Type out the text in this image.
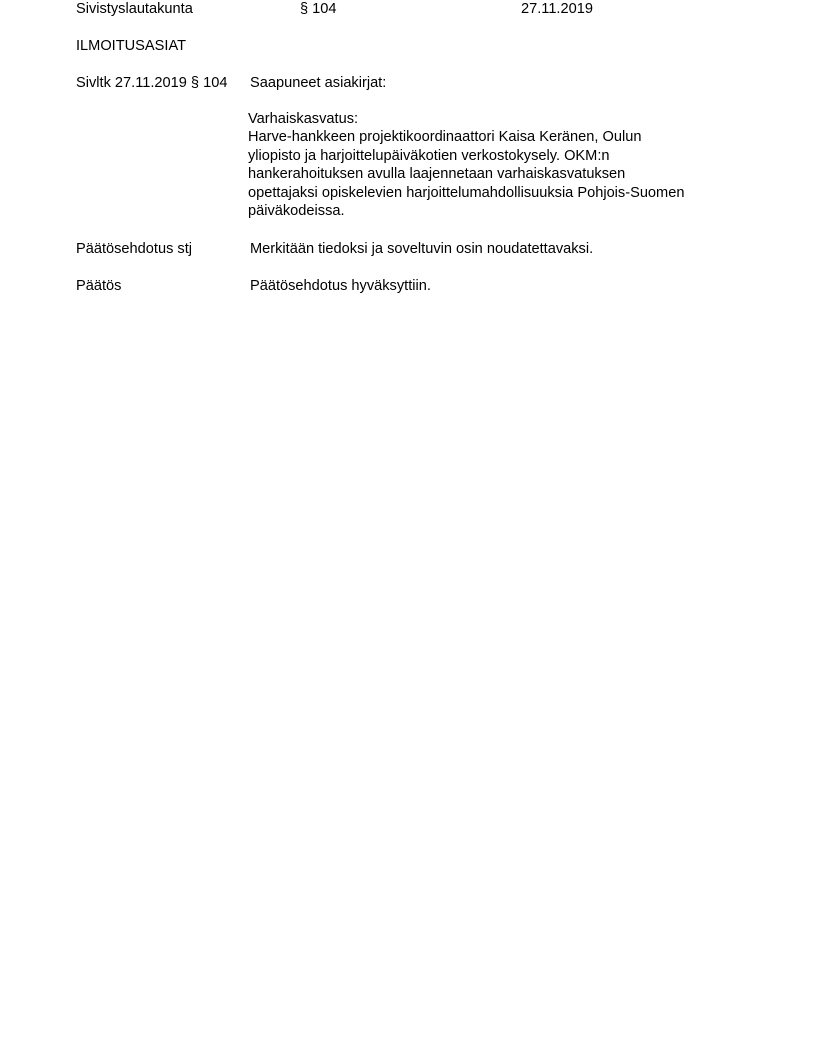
Sivistyslautakunta	§ 104	27.11.2019
ILMOITUSASIAT
Sivltk 27.11.2019 § 104 Saapuneet asiakirjat:
Varhaiskasvatus:
Harve-hankkeen projektikoordinaattori Kaisa Keränen, Oulun
yliopisto ja harjoittelupäiväkotien verkostokysely. OKM:n
hankerahoituksen avulla laajennetaan varhaiskasvatuksen
opettajaksi opiskelevien harjoittelumahdollisuuksia Pohjois-Suomen
päiväkodeissa.
Päätösehdotus stj	Merkitään tiedoksi ja soveltuvin osin noudatettavaksi.
Päätös	Päätösehdotus hyväksyttiin.
